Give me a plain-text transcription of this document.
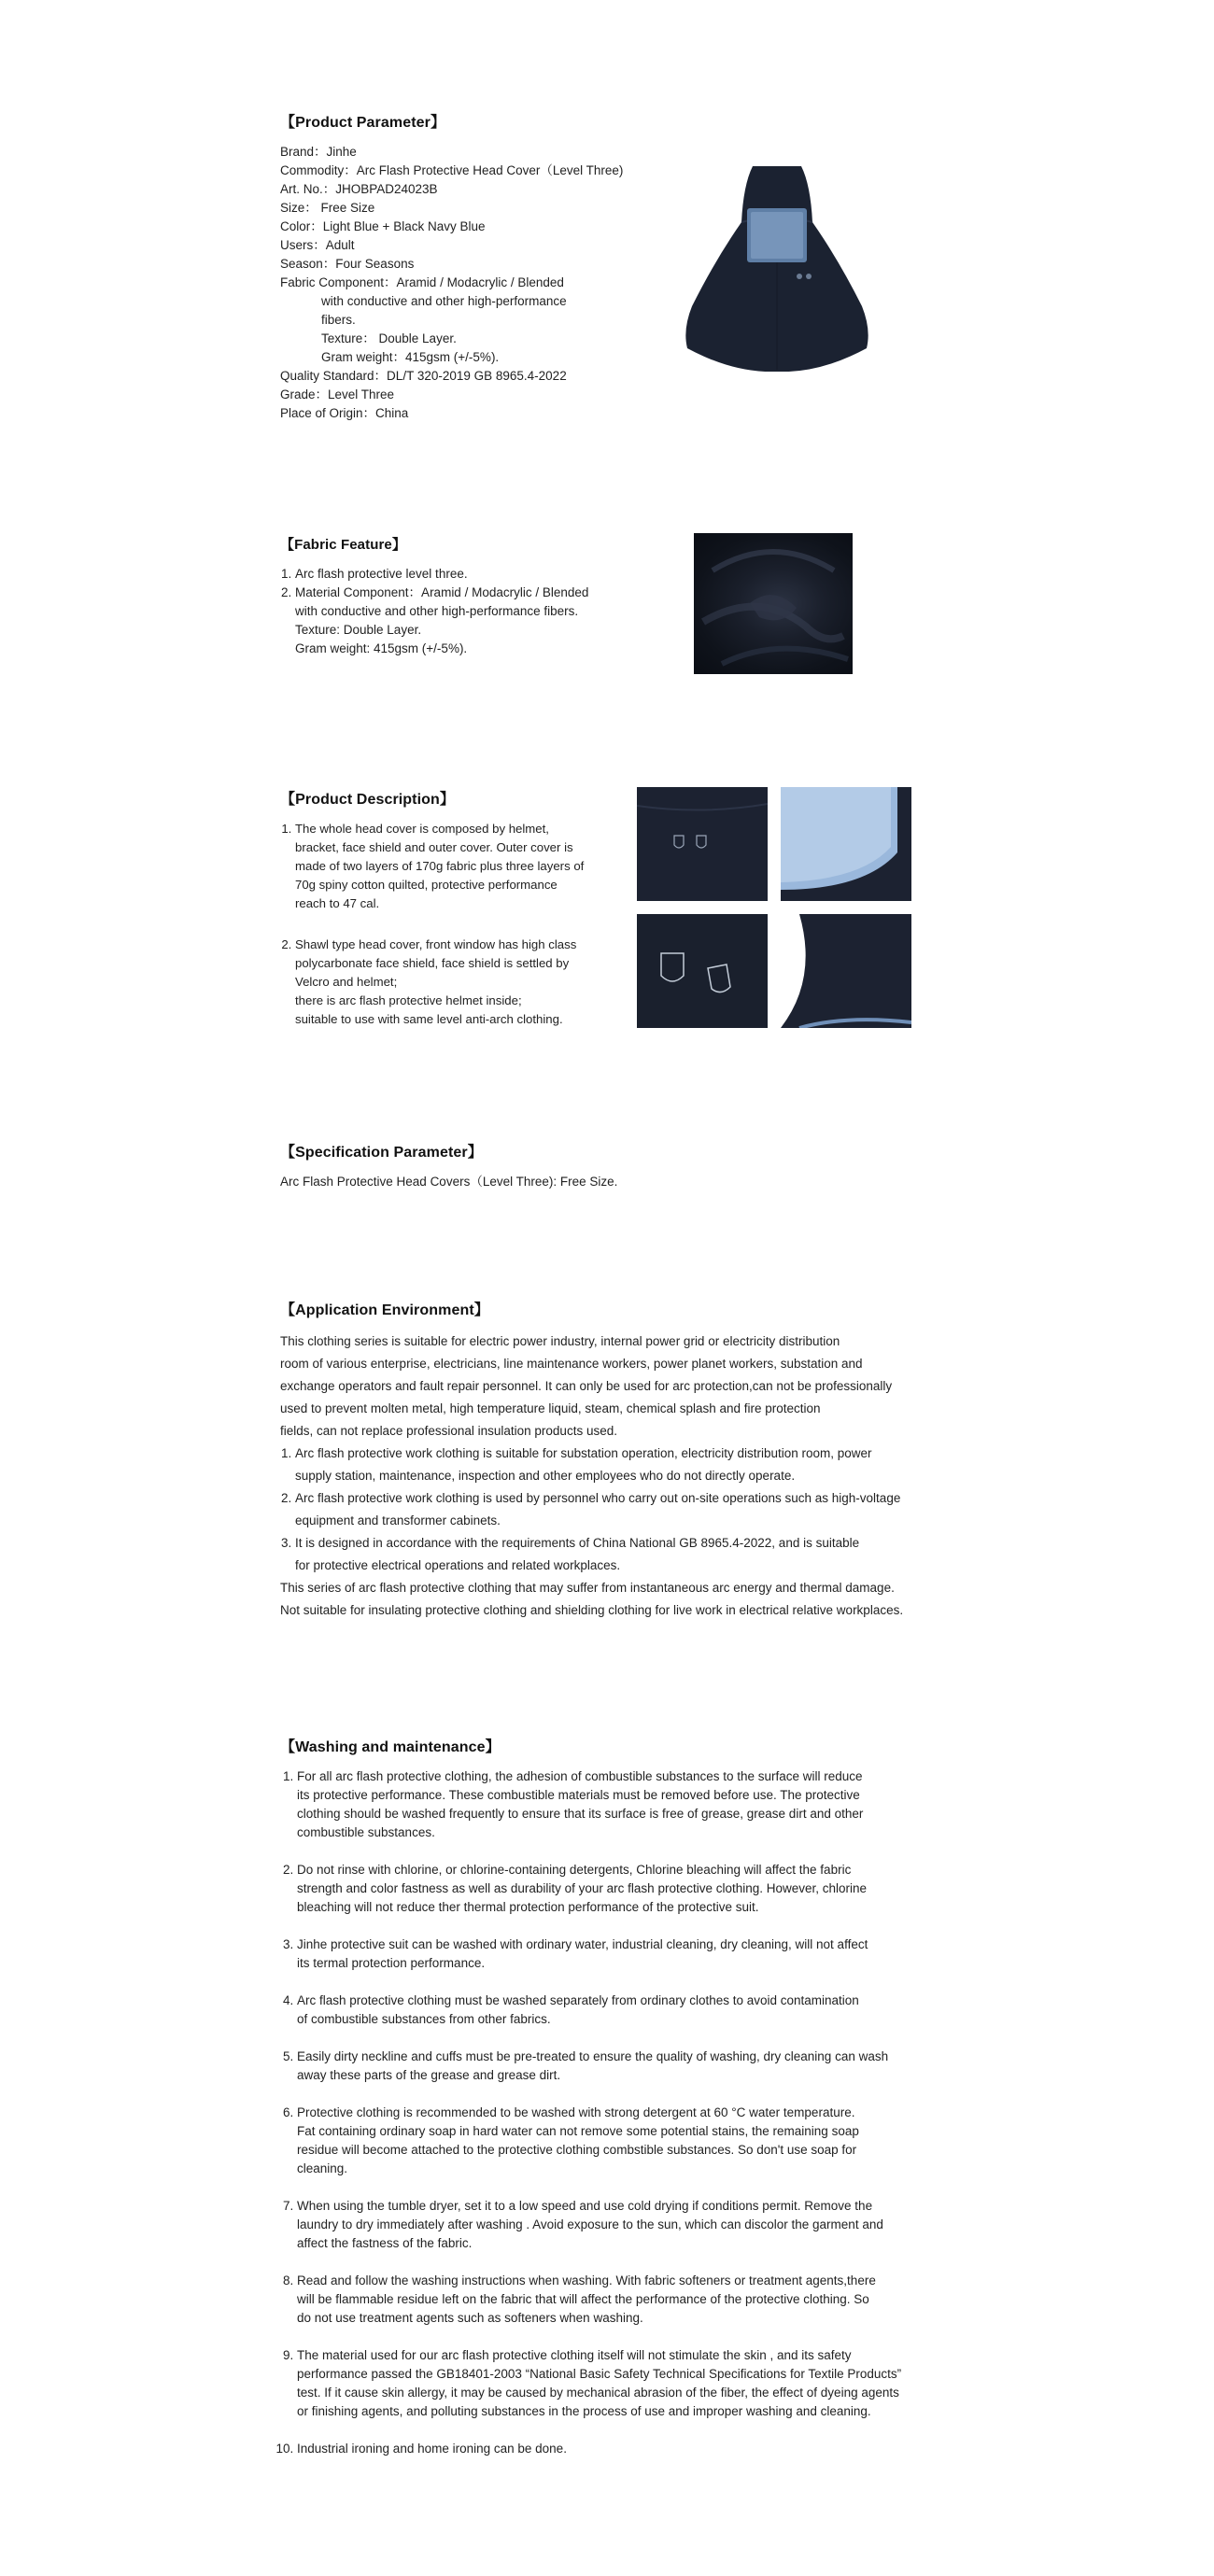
【Product Parameter】
Brand：Jinhe
Commodity：Arc Flash Protective Head Cover（Level Three)
Art. No.：JHOBPAD24023B
Size： Free Size
Color：Light Blue + Black Navy Blue
Users：Adult
Season：Four Seasons
Fabric Component：Aramid / Modacrylic / Blended
with conductive and other high-performance
fibers.
Texture： Double Layer.
Gram weight：415gsm (+/-5%).
Quality Standard：DL/T 320-2019 GB 8965.4-2022
Grade：Level Three
Place of Origin：China
【Fabric Feature】
1. Arc flash protective level three.
2. Material Component：Aramid / Modacrylic / Blended
with conductive and other high-performance fibers.
Texture: Double Layer.
Gram weight: 415gsm (+/-5%).
【Product Description】
1. The whole head cover is composed by helmet,
bracket, face shield and outer cover. Outer cover is
made of two layers of 170g fabric plus three layers of
70g spiny cotton quilted, protective performance
reach to 47 cal.
2. Shawl type head cover, front window has high class
polycarbonate face shield, face shield is settled by
Velcro and helmet;
there is arc flash protective helmet inside;
suitable to use with same level anti-arch clothing.
【Specification Parameter】

Arc Flash Protective Head Covers（Level Three): Free Size.

【Application Environment】

This clothing series is suitable for electric power industry, internal power grid or electricity distribution

room of various enterprise, electricians, line maintenance workers, power planet workers, substation and

exchange operators and fault repair personnel. It can only be used for arc protection,can not be professionally

used to prevent molten metal, high temperature liquid, steam, chemical splash and fire protection

fields, can not replace professional insulation products used.

1. Arc flash protective work clothing is suitable for substation operation, electricity distribution room, power
supply station, maintenance, inspection and other employees who do not directly operate.
2. Arc flash protective work clothing is used by personnel who carry out on-site operations such as high-voltage
equipment and transformer cabinets.
3. It is designed in accordance with the requirements of China National GB 8965.4-2022, and is suitable
for protective electrical operations and related workplaces.

This series of arc flash protective clothing that may suffer from instantaneous arc energy and thermal damage.

Not suitable for insulating protective clothing and shielding clothing for live work in electrical relative workplaces.

【Washing and maintenance】
1. For all arc flash protective clothing, the adhesion of combustible substances to the surface will reduce
its protective performance. These combustible materials must be removed before use. The protective
clothing should be washed frequently to ensure that its surface is free of grease, grease dirt and other
combustible substances.
2. Do not rinse with chlorine, or chlorine-containing detergents, Chlorine bleaching will affect the fabric
strength and color fastness as well as durability of your arc flash protective clothing. However, chlorine
bleaching will not reduce ther thermal protection performance of the protective suit.
3. Jinhe protective suit can be washed with ordinary water, industrial cleaning, dry cleaning, will not affect
its termal protection performance.
4. Arc flash protective clothing must be washed separately from ordinary clothes to avoid contamination
of combustible substances from other fabrics.
5. Easily dirty neckline and cuffs must be pre-treated to ensure the quality of washing, dry cleaning can wash
away these parts of the grease and grease dirt.
6. Protective clothing is recommended to be washed with strong detergent at 60 °C water temperature.
Fat containing ordinary soap in hard water can not remove some potential stains, the remaining soap
residue will become attached to the protective clothing combstible substances. So don't use soap for
cleaning.
7. When using the tumble dryer, set it to a low speed and use cold drying if conditions permit. Remove the
laundry to dry immediately after washing . Avoid exposure to the sun, which can discolor the garment and
affect the fastness of the fabric.
8. Read and follow the washing instructions when washing. With fabric softeners or treatment agents,there
will be flammable residue left on the fabric that will affect the performance of the protective clothing. So
do not use treatment agents such as softeners when washing.
9. The material used for our arc flash protective clothing itself will not stimulate the skin , and its safety
performance passed the GB18401-2003 “National Basic Safety Technical Specifications for Textile Products”
test. If it cause skin allergy, it may be caused by mechanical abrasion of the fiber, the effect of dyeing agents
or finishing agents, and polluting substances in the process of use and improper washing and cleaning.
10. Industrial ironing and home ironing can be done.
